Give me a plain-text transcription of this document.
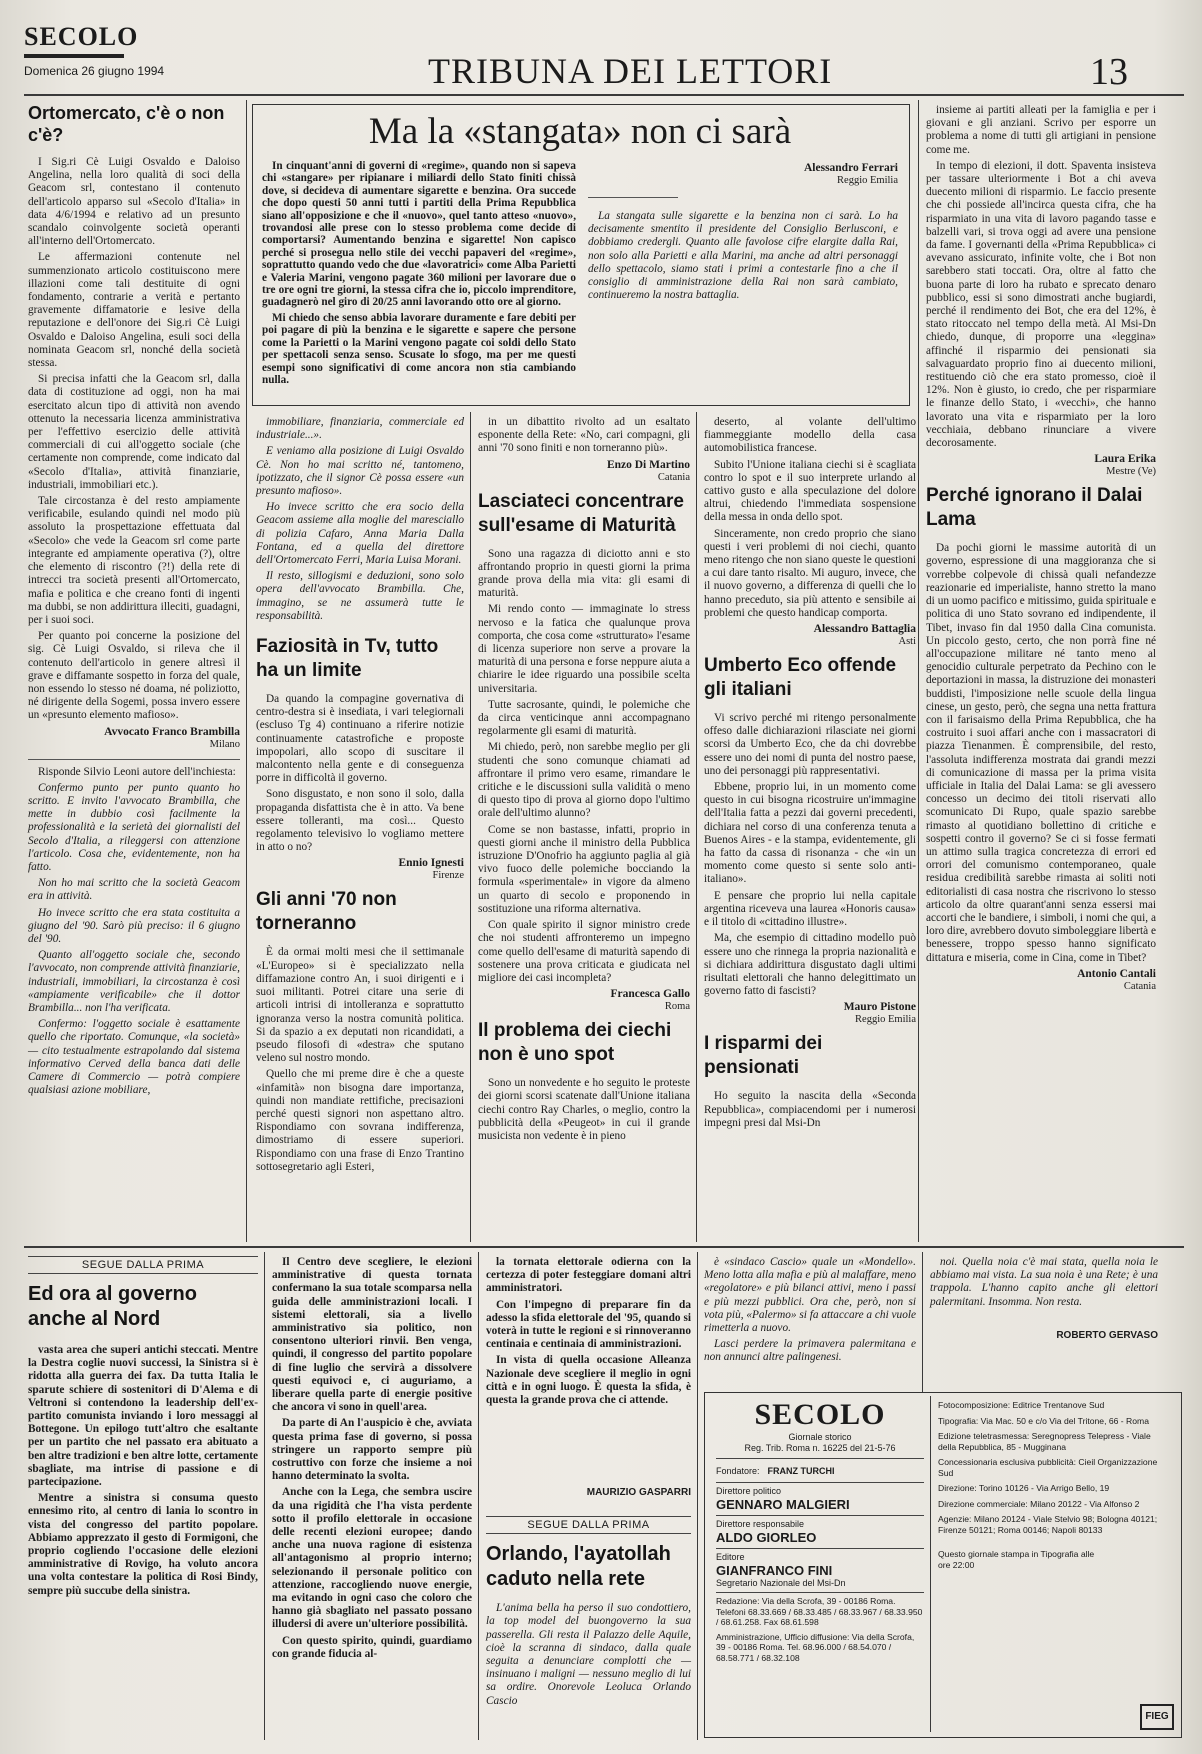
SECOLO
Domenica 26 giugno 1994	TRIBUNA DEI LETTORI	13
Ortomercato, c'è o non c'è?

I Sig.ri Cè Luigi Osvaldo e Daloiso Angelina, nella loro qualità di soci della Geacom srl, contestano il contenuto dell'articolo apparso sul «Secolo d'Italia» in data 4/6/1994 e relativo ad un presunto scandalo coinvolgente società operanti all'interno dell'Ortomercato.

Le affermazioni contenute nel summenzionato articolo costituiscono mere illazioni come tali destituite di ogni fondamento, contrarie a verità e pertanto gravemente diffamatorie e lesive della reputazione e dell'onore dei Sig.ri Cè Luigi Osvaldo e Daloiso Angelina, esuli soci della nominata Geacom srl, nonché della società stessa.

Si precisa infatti che la Geacom srl, dalla data di costituzione ad oggi, non ha mai esercitato alcun tipo di attività non avendo ottenuto la necessaria licenza amministrativa per l'effettivo esercizio delle attività commerciali di cui all'oggetto sociale (che certamente non comprende, come indicato dal «Secolo d'Italia», attività finanziarie, industriali, immobiliari etc.).

Tale circostanza è del resto ampiamente verificabile, esulando quindi nel modo più assoluto la prospettazione effettuata dal «Secolo» che vede la Geacom srl come parte integrante ed ampiamente operativa (?), oltre che elemento di riscontro (?!) della rete di intrecci tra società presenti all'Ortomercato, mafia e politica e che creano fonti di ingenti ma dubbi, se non addirittura illeciti, guadagni, per i suoi soci.

Per quanto poi concerne la posizione del sig. Cè Luigi Osvaldo, si rileva che il contenuto dell'articolo in genere altresì il grave e diffamante sospetto in forza del quale, non essendo lo stesso né doama, né poliziotto, né dirigente della Sogemi, possa invero essere un «presunto elemento mafioso».

Avvocato Franco Brambilla
Milano

Risponde Silvio Leoni autore dell'inchiesta:

Confermo punto per punto quanto ho scritto. E invito l'avvocato Brambilla, che mette in dubbio così facilmente la professionalità e la serietà dei giornalisti del Secolo d'Italia, a rileggersi con attenzione l'articolo. Cosa che, evidentemente, non ha fatto.

Non ho mai scritto che la società Geacom era in attività.

Ho invece scritto che era stata costituita a giugno del '90. Sarò più preciso: il 6 giugno del '90.

Quanto all'oggetto sociale che, secondo l'avvocato, non comprende attività finanziarie, industriali, immobiliari, la circostanza è così «ampiamente verificabile» che il dottor Brambilla... non l'ha verificata.

Confermo: l'oggetto sociale è esattamente quello che riportato. Comunque, «la società» — cito testualmente estrapolando dal sistema informativo Cerved della banca dati delle Camere di Commercio — potrà compiere qualsiasi azione mobiliare,

Ma la «stangata» non ci sarà

In cinquant'anni di governi di «regime», quando non si sapeva chi «stangare» per ripianare i miliardi dello Stato finiti chissà dove, si decideva di aumentare sigarette e benzina. Ora succede che dopo questi 50 anni tutti i partiti della Prima Repubblica siano all'opposizione e che il «nuovo», quel tanto atteso «nuovo», trovandosi alle prese con lo stesso problema come decide di comportarsi? Aumentando benzina e sigarette! Non capisco perché si prosegua nello stile dei vecchi papaveri del «regime», soprattutto quando vedo che due «lavoratrici» come Alba Parietti e Valeria Marini, vengono pagate 360 milioni per lavorare due o tre ore ogni tre giorni, la stessa cifra che io, piccolo imprenditore, guadagnerò nel giro di 20/25 anni lavorando otto ore al giorno.

Mi chiedo che senso abbia lavorare duramente e fare debiti per poi pagare di più la benzina e le sigarette e sapere che persone come la Parietti o la Marini vengono pagate coi soldi dello Stato per spettacoli senza senso. Scusate lo sfogo, ma per me questi esempi sono significativi di come ancora non stia cambiando nulla.

Alessandro Ferrari
Reggio Emilia

La stangata sulle sigarette e la benzina non ci sarà. Lo ha decisamente smentito il presidente del Consiglio Berlusconi, e dobbiamo credergli. Quanto alle favolose cifre elargite dalla Rai, non solo alla Parietti e alla Marini, ma anche ad altri personaggi dello spettacolo, siamo stati i primi a contestarle fino a che il consiglio di amministrazione della Rai non sarà cambiato, continueremo la nostra battaglia.

immobiliare, finanziaria, commerciale ed industriale...».

E veniamo alla posizione di Luigi Osvaldo Cè. Non ho mai scritto né, tantomeno, ipotizzato, che il signor Cè possa essere «un presunto mafioso».

Ho invece scritto che era socio della Geacom assieme alla moglie del maresciallo di polizia Cafaro, Anna Maria Dalla Fontana, ed a quella del direttore dell'Ortomercato Ferri, Maria Luisa Morani.

Il resto, sillogismi e deduzioni, sono solo opera dell'avvocato Brambilla. Che, immagino, se ne assumerà tutte le responsabilità.

Faziosità in Tv, tutto ha un limite

Da quando la compagine governativa di centro-destra si è insediata, i vari telegiornali (escluso Tg 4) continuano a riferire notizie continuamente catastrofiche e proposte impopolari, allo scopo di suscitare il malcontento nella gente e di conseguenza porre in difficoltà il governo.

Sono disgustato, e non sono il solo, dalla propaganda disfattista che è in atto. Va bene essere tolleranti, ma così... Questo regolamento televisivo lo vogliamo mettere in atto o no?

Ennio Ignesti
Firenze
Gli anni '70 non torneranno

È da ormai molti mesi che il settimanale «L'Europeo» si è specializzato nella diffamazione contro An, i suoi dirigenti e i suoi militanti. Potrei citare una serie di articoli intrisi di intolleranza e soprattutto ignoranza verso la nostra comunità politica. Si da spazio a ex deputati non ricandidati, a pseudo filosofi di «destra» che sputano veleno sul nostro mondo.

Quello che mi preme dire è che a queste «infamità» non bisogna dare importanza, quindi non mandiate rettifiche, precisazioni perché questi signori non aspettano altro. Rispondiamo con sovrana indifferenza, dimostriamo di essere superiori. Rispondiamo con una frase di Enzo Trantino sottosegretario agli Esteri,

in un dibattito rivolto ad un esaltato esponente della Rete: «No, cari compagni, gli anni '70 sono finiti e non torneranno più».

Enzo Di Martino
Catania
Lasciateci concentrare sull'esame di Maturità

Sono una ragazza di diciotto anni e sto affrontando proprio in questi giorni la prima grande prova della mia vita: gli esami di maturità.

Mi rendo conto — immaginate lo stress nervoso e la fatica che qualunque prova comporta, che cosa come «strutturato» l'esame di licenza superiore non serve a provare la maturità di una persona e forse neppure aiuta a chiarire le idee riguardo una possibile scelta universitaria.

Tutte sacrosante, quindi, le polemiche che da circa venticinque anni accompagnano regolarmente gli esami di maturità.

Mi chiedo, però, non sarebbe meglio per gli studenti che sono comunque chiamati ad affrontare il primo vero esame, rimandare le critiche e le discussioni sulla validità o meno di questo tipo di prova al giorno dopo l'ultimo orale dell'ultimo alunno?

Come se non bastasse, infatti, proprio in questi giorni anche il ministro della Pubblica istruzione D'Onofrio ha aggiunto paglia al già vivo fuoco delle polemiche bocciando la formula «sperimentale» in vigore da almeno un quarto di secolo e proponendo in sostituzione una riforma alternativa.

Con quale spirito il signor ministro crede che noi studenti affronteremo un impegno come quello dell'esame di maturità sapendo di sostenere una prova criticata e giudicata nel migliore dei casi incompleta?

Francesca Gallo
Roma
Il problema dei ciechi non è uno spot

Sono un nonvedente e ho seguito le proteste dei giorni scorsi scatenate dall'Unione italiana ciechi contro Ray Charles, o meglio, contro la pubblicità della «Peugeot» in cui il grande musicista non vedente è in pieno

deserto, al volante dell'ultimo fiammeggiante modello della casa automobilistica francese.

Subito l'Unione italiana ciechi si è scagliata contro lo spot e il suo interprete urlando al cattivo gusto e alla speculazione del dolore altrui, chiedendo l'immediata sospensione della messa in onda dello spot.

Sinceramente, non credo proprio che siano questi i veri problemi di noi ciechi, quanto meno ritengo che non siano queste le questioni a cui dare tanto risalto. Mi auguro, invece, che il nuovo governo, a differenza di quelli che lo hanno preceduto, sia più attento e sensibile ai problemi che questo handicap comporta.

Alessandro Battaglia
Asti
Umberto Eco offende gli italiani

Vi scrivo perché mi ritengo personalmente offeso dalle dichiarazioni rilasciate nei giorni scorsi da Umberto Eco, che da chi dovrebbe essere uno dei nomi di punta del nostro paese, uno dei personaggi più rappresentativi.

Ebbene, proprio lui, in un momento come questo in cui bisogna ricostruire un'immagine dell'Italia fatta a pezzi dai governi precedenti, dichiara nel corso di una conferenza tenuta a Buenos Aires - e la stampa, evidentemente, gli ha fatto da cassa di risonanza - che «in un momento come questo si sente solo anti-italiano».

E pensare che proprio lui nella capitale argentina riceveva una laurea «Honoris causa» e il titolo di «cittadino illustre».

Ma, che esempio di cittadino modello può essere uno che rinnega la propria nazionalità e si dichiara addirittura disgustato dagli ultimi risultati elettorali che hanno delegittimato un governo fatto di fascisti?

Mauro Pistone
Reggio Emilia
I risparmi dei pensionati

Ho seguito la nascita della «Seconda Repubblica», compiacendomi per i numerosi impegni presi dal Msi-Dn

insieme ai partiti alleati per la famiglia e per i giovani e gli anziani. Scrivo per esporre un problema a nome di tutti gli artigiani in pensione come me.

In tempo di elezioni, il dott. Spaventa insisteva per tassare ulteriormente i Bot a chi aveva duecento milioni di risparmio. Le faccio presente che chi possiede all'incirca questa cifra, che ha risparmiato in una vita di lavoro pagando tasse e balzelli vari, si trova oggi ad avere una pensione da fame. I governanti della «Prima Repubblica» ci avevano assicurato, infinite volte, che i Bot non sarebbero stati toccati. Ora, oltre al fatto che buona parte di loro ha rubato e sprecato denaro pubblico, essi si sono dimostrati anche bugiardi, perché il rendimento dei Bot, che era del 12%, è stato ritoccato nel tempo della metà. Al Msi-Dn chiedo, dunque, di proporre una «leggina» affinché il risparmio dei pensionati sia salvaguardato proprio fino ai duecento milioni, restituendo ciò che era stato promesso, cioè il 12%. Non è giusto, io credo, che per risparmiare le finanze dello Stato, i «vecchi», che hanno lavorato una vita e risparmiato per la loro vecchiaia, debbano rinunciare a vivere decorosamente.

Laura Erika
Mestre (Ve)
Perché ignorano il Dalai Lama

Da pochi giorni le massime autorità di un governo, espressione di una maggioranza che si vorrebbe colpevole di chissà quali nefandezze reazionarie ed imperialiste, hanno stretto la mano di un uomo pacifico e mitissimo, guida spirituale e politica di uno Stato sovrano ed indipendente, il Tibet, invaso fin dal 1950 dalla Cina comunista. Un piccolo gesto, certo, che non porrà fine né all'occupazione militare né tanto meno al genocidio culturale perpetrato da Pechino con le deportazioni in massa, la distruzione dei monasteri buddisti, l'imposizione nelle scuole della lingua cinese, un gesto, però, che segna una netta frattura con il farisaismo della Prima Repubblica, che ha costruito i suoi affari anche con i massacratori di piazza Tienanmen. È comprensibile, del resto, l'assoluta indifferenza mostrata dai grandi mezzi di comunicazione di massa per la prima visita ufficiale in Italia del Dalai Lama: se gli avessero concesso un decimo dei titoli riservati allo scomunicato Di Rupo, quale spazio sarebbe rimasto al quotidiano bollettino di critiche e sospetti contro il governo? Se ci si fosse fermati un attimo sulla tragica concretezza di errori ed orrori del comunismo contemporaneo, quale residua credibilità sarebbe rimasta ai soliti noti editorialisti di casa nostra che riscrivono lo stesso articolo da oltre quarant'anni senza essersi mai accorti che le bandiere, i simboli, i nomi che qui, a loro dire, avrebbero dovuto simboleggiare libertà e benessere, troppo spesso hanno significato dittatura e miseria, come in Cina, come in Tibet?

Antonio Cantali
Catania
SEGUE DALLA PRIMA
Ed ora al governo anche al Nord

vasta area che superi antichi steccati. Mentre la Destra coglie nuovi successi, la Sinistra si è ridotta alla guerra dei fax. Da tutta Italia le sparute schiere di sostenitori di D'Alema e di Veltroni si contendono la leadership dell'ex-partito comunista inviando i loro messaggi al Bottegone. Un epilogo tutt'altro che esaltante per un partito che nel passato era abituato a ben altre tradizioni e ben altre lotte, certamente sbagliate, ma intrise di passione e di partecipazione.

Mentre a sinistra si consuma questo ennesimo rito, al centro di lania lo scontro in vista del congresso del partito popolare. Abbiamo apprezzato il gesto di Formigoni, che proprio cogliendo l'occasione delle elezioni amministrative di Rovigo, ha voluto ancora una volta contestare la politica di Rosi Bindy, sempre più succube della sinistra.

Il Centro deve scegliere, le elezioni amministrative di questa tornata confermano la sua totale scomparsa nella guida delle amministrazioni locali. I sistemi elettorali, sia a livello amministrativo sia politico, non consentono ulteriori rinvii. Ben venga, quindi, il congresso del partito popolare di fine luglio che servirà a dissolvere questi equivoci e, ci auguriamo, a liberare quella parte di energie positive che ancora vi sono in quell'area.

Da parte di An l'auspicio è che, avviata questa prima fase di governo, si possa stringere un rapporto sempre più costruttivo con forze che insieme a noi hanno determinato la svolta.

Anche con la Lega, che sembra uscire da una rigidità che l'ha vista perdente sotto il profilo elettorale in occasione delle recenti elezioni europee; dando anche una nuova ragione di esistenza all'antagonismo al proprio interno; selezionando il personale politico con attenzione, raccogliendo nuove energie, ma evitando in ogni caso che coloro che hanno già sbagliato nel passato possano illudersi di avere un'ulteriore possibilità.

Con questo spirito, quindi, guardiamo con grande fiducia al-

la tornata elettorale odierna con la certezza di poter festeggiare domani altri amministratori.

Con l'impegno di preparare fin da adesso la sfida elettorale del '95, quando si voterà in tutte le regioni e si rinnoveranno centinaia e centinaia di amministrazioni.

In vista di quella occasione Alleanza Nazionale deve scegliere il meglio in ogni città e in ogni luogo. È questa la sfida, è questa la grande prova che ci attende.

MAURIZIO GASPARRI
SEGUE DALLA PRIMA
Orlando, l'ayatollah caduto nella rete

L'anima bella ha perso il suo condottiero, la top model del buongoverno la sua passerella. Gli resta il Palazzo delle Aquile, cioè la scranna di sindaco, dalla quale seguita a denunciare complotti che — insinuano i maligni — nessuno meglio di lui sa ordire. Onorevole Leoluca Orlando Cascio

è «sindaco Cascio» quale un «Mondello». Meno lotta alla mafia e più al malaffare, meno «regolatore» e più bilanci attivi, meno i passi e più mezzi pubblici. Ora che, però, non si vota più, «Palermo» si fa attaccare a chi vuole rimetterla a nuovo.

Lasci perdere la primavera palermitana e non annunci altre palingenesi.

noi. Quella noia c'è mai stata, quella noia le abbiamo mai vista. La sua noia è una Rete; è una trappola. L'hanno capito anche gli elettori palermitani. Insomma. Non resta.

ROBERTO GERVASO
SECOLO
Giornale storico
Reg. Trib. Roma n. 16225 del 21-5-76
Fondatore: FRANZ TURCHI
Direttore politico
GENNARO MALGIERI
Direttore responsabile
ALDO GIORLEO
Editore
GIANFRANCO FINI
Segretario Nazionale del Msi-Dn
Redazione: Via della Scrofa, 39 - 00186 Roma. Telefoni 68.33.669 / 68.33.485 / 68.33.967 / 68.33.950 / 68.61.258. Fax 68.61.598
Amministrazione, Ufficio diffusione: Via della Scrofa, 39 - 00186 Roma. Tel. 68.96.000 / 68.54.070 / 68.58.771 / 68.32.108
Fotocomposizione: Editrice Trentanove Sud
Tipografia: Via Mac. 50 e c/o Via del Tritone, 66 - Roma
Edizione teletrasmessa: Seregnopress Telepress - Viale della Repubblica, 85 - Mugginana
Concessionaria esclusiva pubblicità: Cieil Organizzazione Sud
Direzione: Torino 10126 - Via Arrigo Bello, 19
Direzione commerciale: Milano 20122 - Via Alfonso 2
Agenzie: Milano 20124 - Viale Stelvio 98; Bologna 40121; Firenze 50121; Roma 00146; Napoli 80133
Questo giornale stampa in Tipografia alle ore 22:00
FIEG
